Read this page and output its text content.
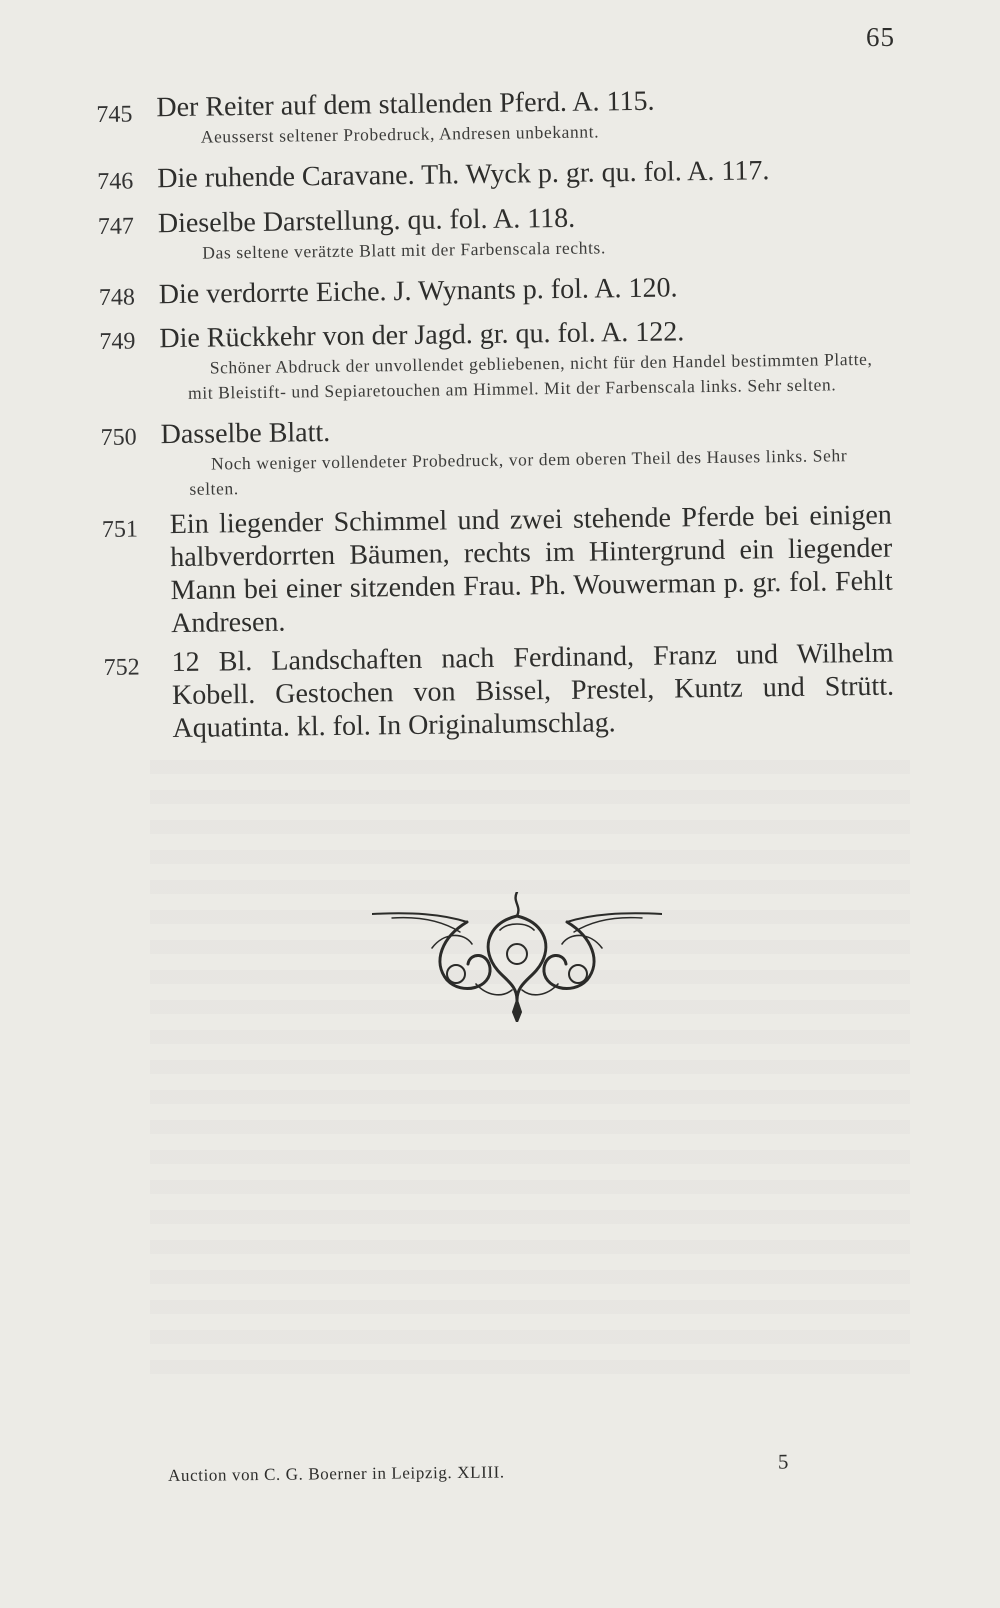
65
745 Der Reiter auf dem stallenden Pferd. A. 115.
Aeusserst seltener Probedruck, Andresen unbekannt.
746 Die ruhende Caravane. Th. Wyck p. gr. qu. fol. A. 117.
747 Dieselbe Darstellung. qu. fol. A. 118.
Das seltene verätzte Blatt mit der Farbenscala rechts.
748 Die verdorrte Eiche. J. Wynants p. fol. A. 120.
749 Die Rückkehr von der Jagd. gr. qu. fol. A. 122.
Schöner Abdruck der unvollendet gebliebenen, nicht für den Handel bestimmten Platte, mit Bleistift- und Sepiaretouchen am Himmel. Mit der Farbenscala links. Sehr selten.
750 Dasselbe Blatt.
Noch weniger vollendeter Probedruck, vor dem oberen Theil des Hauses links. Sehr selten.
751 Ein liegender Schimmel und zwei stehende Pferde bei einigen halbverdorrten Bäumen, rechts im Hintergrund ein liegender Mann bei einer sitzenden Frau. Ph. Wouwerman p. gr. fol. Fehlt Andresen.
752 12 Bl. Landschaften nach Ferdinand, Franz und Wilhelm Kobell. Gestochen von Bissel, Prestel, Kuntz und Strütt. Aquatinta. kl. fol. In Originalumschlag.
Auction von C. G. Boerner in Leipzig. XLIII.
5
